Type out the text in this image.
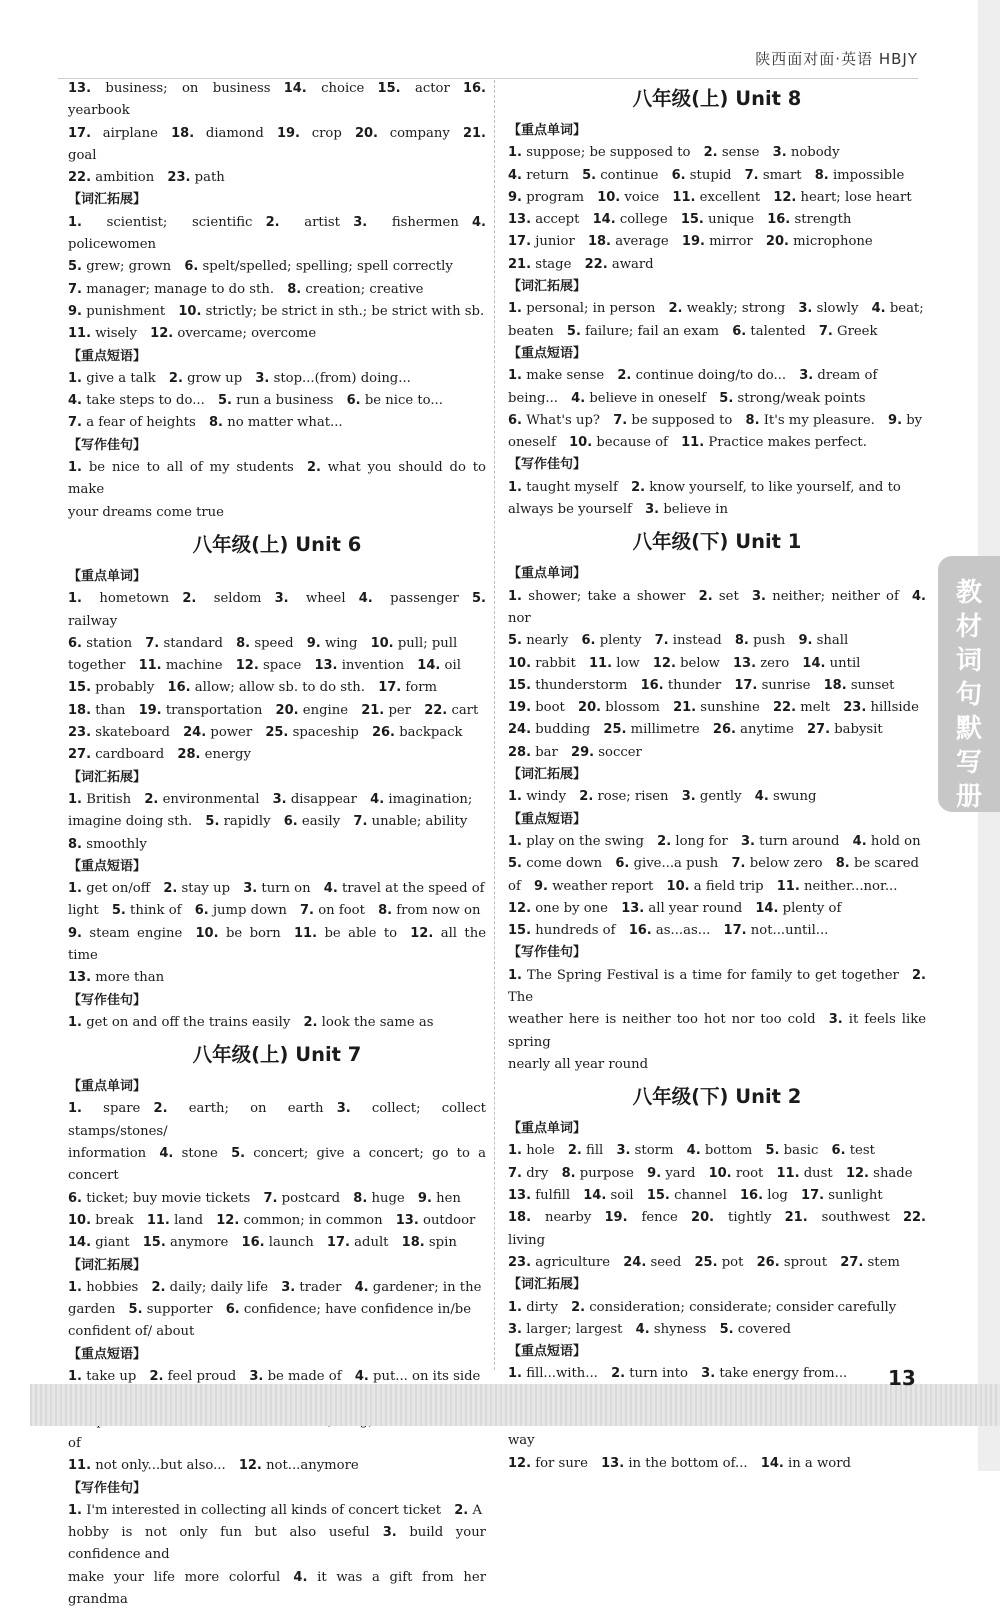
陕西面对面·英语 HBJY
13. business; on business  14. choice  15. actor  16. yearbook
17. airplane  18. diamond  19. crop  20. company  21. goal
22. ambition  23. path
【词汇拓展】
1. scientist; scientific  2. artist  3. fishermen  4. policewomen
5. grew; grown  6. spelt/spelled; spelling; spell correctly
7. manager; manage to do sth.  8. creation; creative
9. punishment  10. strictly; be strict in sth.; be strict with sb.
11. wisely  12. overcame; overcome
【重点短语】
1. give a talk  2. grow up  3. stop...(from) doing...
4. take steps to do...  5. run a business  6. be nice to...
7. a fear of heights  8. no matter what...
【写作佳句】
1. be nice to all of my students  2. what you should do to make
your dreams come true
八年级(上) Unit 6
【重点单词】
1. hometown  2. seldom  3. wheel  4. passenger  5. railway
6. station  7. standard  8. speed  9. wing  10. pull; pull
together  11. machine  12. space  13. invention  14. oil
15. probably  16. allow; allow sb. to do sth.  17. form
18. than  19. transportation  20. engine  21. per  22. cart
23. skateboard  24. power  25. spaceship  26. backpack
27. cardboard  28. energy
【词汇拓展】
1. British  2. environmental  3. disappear  4. imagination;
imagine doing sth.  5. rapidly  6. easily  7. unable; ability
8. smoothly
【重点短语】
1. get on/off  2. stay up  3. turn on  4. travel at the speed of
light  5. think of  6. jump down  7. on foot  8. from now on
9. steam engine  10. be born  11. be able to  12. all the time
13. more than
【写作佳句】
1. get on and off the trains easily  2. look the same as
八年级(上) Unit 7
【重点单词】
1. spare  2. earth; on earth  3. collect; collect stamps/stones/
information  4. stone  5. concert; give a concert; go to a concert
6. ticket; buy movie tickets  7. postcard  8. huge  9. hen
10. break  11. land  12. common; in common  13. outdoor
14. giant  15. anymore  16. launch  17. adult  18. spin
【词汇拓展】
1. hobbies  2. daily; daily life  3. trader  4. gardener; in the
garden  5. supporter  6. confidence; have confidence in/be
confident of/ about
【重点短语】
1. take up  2. feel proud  3. be made of  4. put... on its side

    of
11. not only...but also...  12. not...anymore
【写作佳句】
1. I'm interested in collecting all kinds of concert ticket  2. A
hobby is not only fun but also useful  3. build your confidence and
make your life more colorful  4. it was a gift from her grandma
八年级(上) Unit 8
【重点单词】
1. suppose; be supposed to  2. sense  3. nobody
4. return  5. continue  6. stupid  7. smart  8. impossible
9. program  10. voice  11. excellent  12. heart; lose heart
13. accept  14. college  15. unique  16. strength
17. junior  18. average  19. mirror  20. microphone
21. stage  22. award
【词汇拓展】
1. personal; in person  2. weakly; strong  3. slowly  4. beat;
beaten  5. failure; fail an exam  6. talented  7. Greek
【重点短语】
1. make sense  2. continue doing/to do...  3. dream of
being...  4. believe in oneself  5. strong/weak points
6. What's up?  7. be supposed to  8. It's my pleasure.  9. by
oneself  10. because of  11. Practice makes perfect.
【写作佳句】
1. taught myself  2. know yourself, to like yourself, and to
always be yourself  3. believe in
八年级(下) Unit 1
【重点单词】
1. shower; take a shower  2. set  3. neither; neither of  4. nor
5. nearly  6. plenty  7. instead  8. push  9. shall
10. rabbit  11. low  12. below  13. zero  14. until
15. thunderstorm  16. thunder  17. sunrise  18. sunset
19. boot  20. blossom  21. sunshine  22. melt  23. hillside
24. budding  25. millimetre  26. anytime  27. babysit
28. bar  29. soccer
【词汇拓展】
1. windy  2. rose; risen  3. gently  4. swung
【重点短语】
1. play on the swing  2. long for  3. turn around  4. hold on
5. come down  6. give...a push  7. below zero  8. be scared
of  9. weather report  10. a field trip  11. neither...nor...
12. one by one  13. all year round  14. plenty of
15. hundreds of  16. as...as...  17. not...until...
【写作佳句】
1. The Spring Festival is a time for family to get together  2. The
weather here is neither too hot nor too cold  3. it feels like spring
nearly all year round
八年级(下) Unit 2
【重点单词】
1. hole  2. fill  3. storm  4. bottom  5. basic  6. test
7. dry  8. purpose  9. yard  10. root  11. dust  12. shade
13. fulfill  14. soil  15. channel  16. log  17. sunlight
18. nearby  19. fence  20. tightly  21. southwest  22. living
23. agriculture  24. seed  25. pot  26. sprout  27. stem
【词汇拓展】
1. dirty  2. consideration; considerate; consider carefully
3. larger; largest  4. shyness  5. covered
【重点短语】
1. fill...with...  2. turn into  3. take energy from...

        way
12. for sure  13. in the bottom of...  14. in a word
教
材
词
句
默
写
册
13
